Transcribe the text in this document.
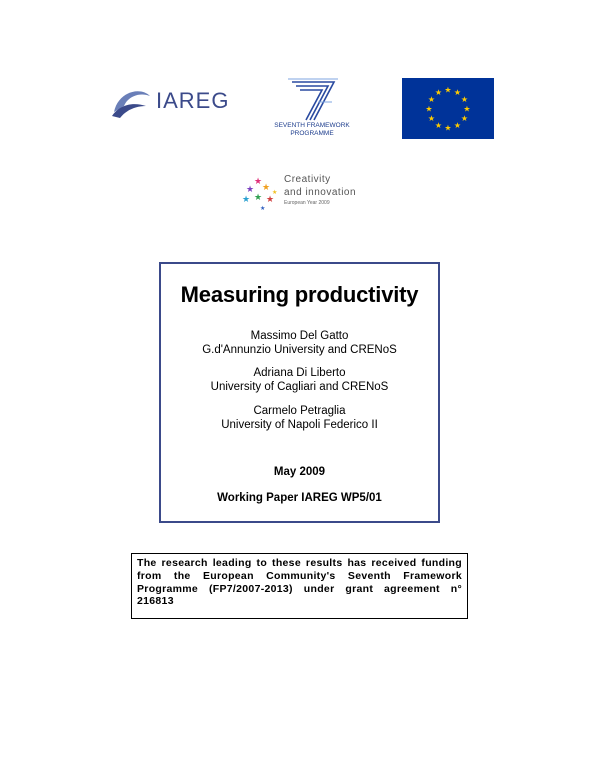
IAREG
SEVENTH FRAMEWORK
PROGRAMME
★ ★
★
★
★
★
★
★
★
★
★
★
★
★ ★
★ ★ ★
★
★
Creativity
and innovation
European Year 2009
Measuring productivity
Massimo Del Gatto
G.d'Annunzio University and CRENoS
Adriana Di Liberto
University of Cagliari and CRENoS
Carmelo Petraglia
University of Napoli Federico II
May 2009
Working Paper IAREG WP5/01
The research leading to these results has received funding from the European Community's Seventh Framework Programme (FP7/2007-2013) under grant agreement n° 216813
